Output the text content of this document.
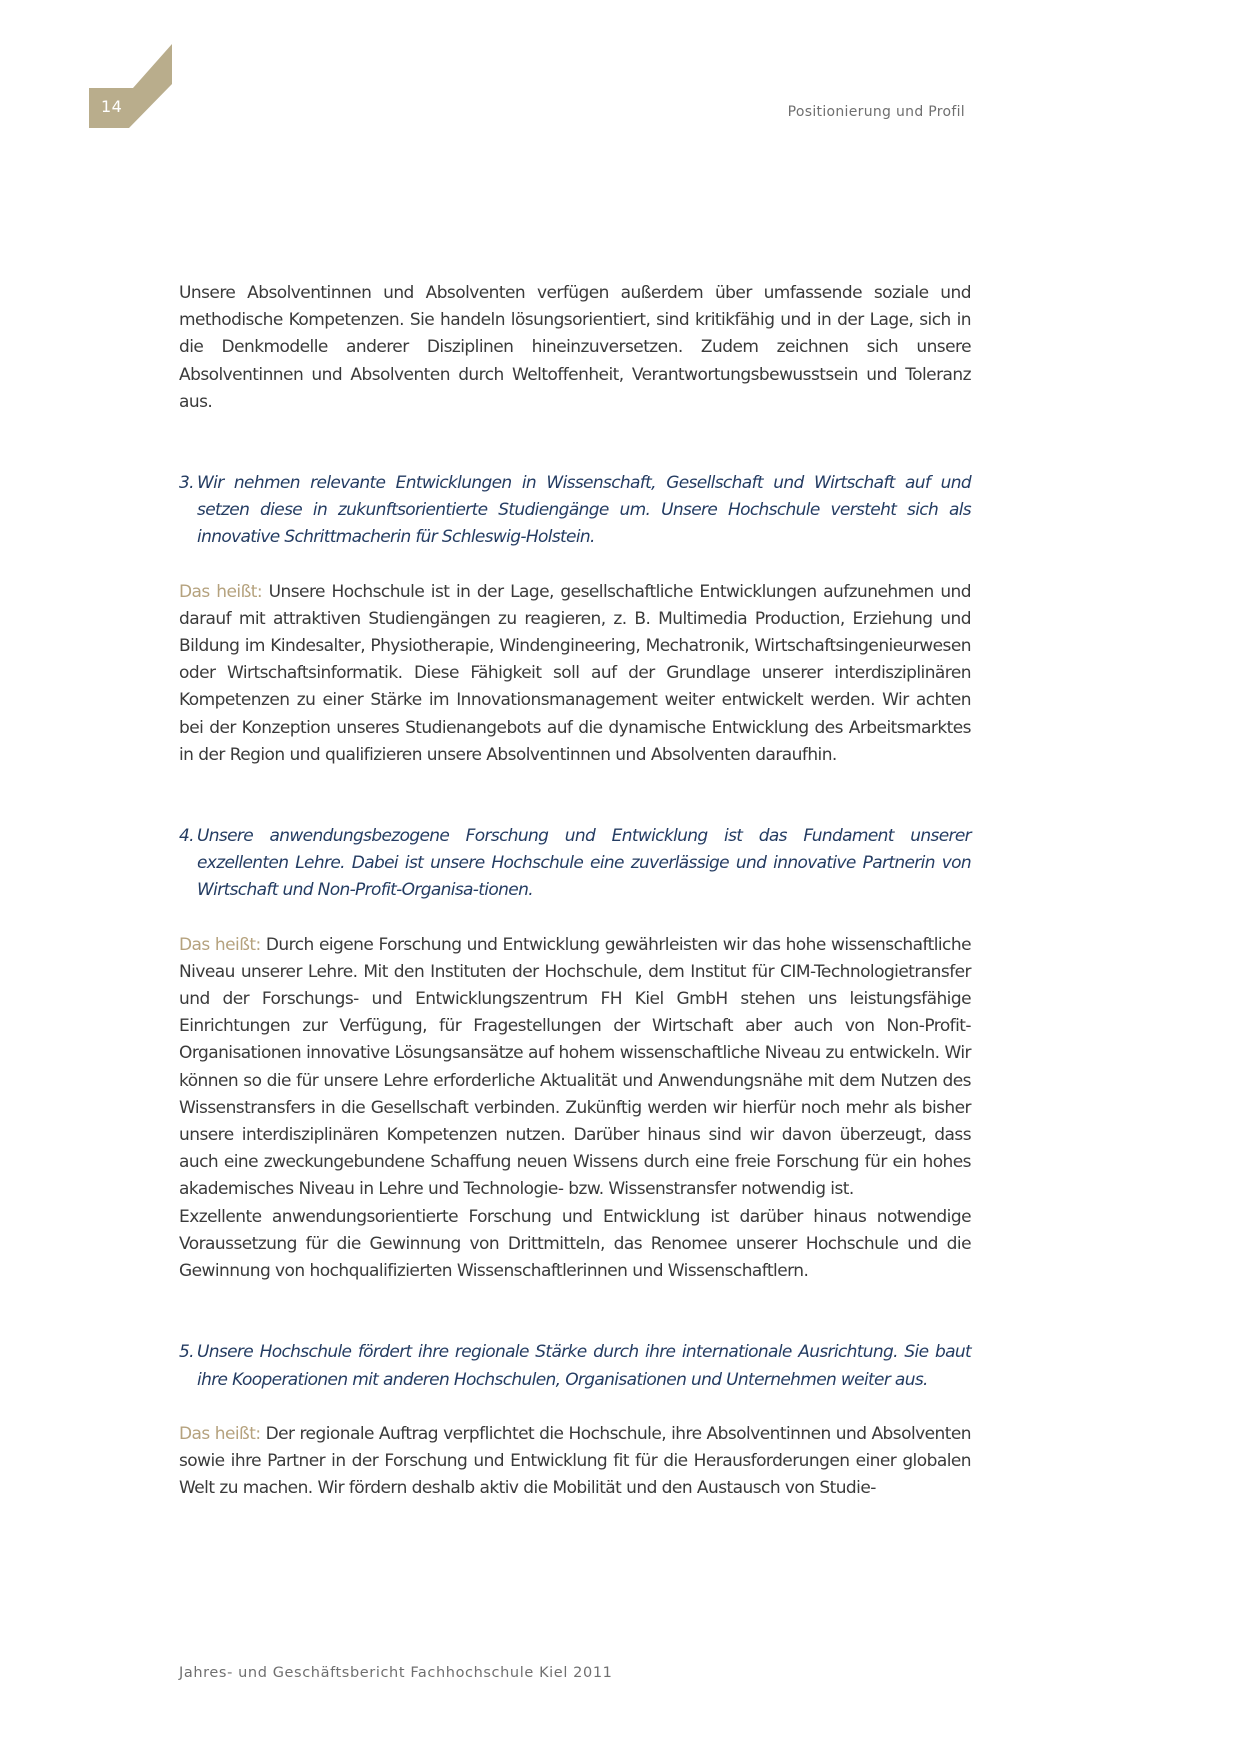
14	Positionierung und Profil

Unsere Absolventinnen und Absolventen verfügen außerdem über umfassende soziale und methodische Kompetenzen. Sie handeln lösungsorientiert, sind kritikfähig und in der Lage, sich in die Denkmodelle anderer Disziplinen hineinzuversetzen. Zudem zeichnen sich unsere Absolventinnen und Absolventen durch Weltoffenheit, Verantwortungsbewusstsein und Toleranz aus.

3. Wir nehmen relevante Entwicklungen in Wissenschaft, Gesellschaft und Wirtschaft auf und setzen diese in zukunftsorientierte Studiengänge um. Unsere Hochschule versteht sich als innovative Schrittmacherin für Schleswig-Holstein.

Das heißt: Unsere Hochschule ist in der Lage, gesellschaftliche Entwicklungen aufzunehmen und darauf mit attraktiven Studiengängen zu reagieren, z. B. Multimedia Production, Erziehung und Bildung im Kindesalter, Physiotherapie, Windengineering, Mechatronik, Wirtschaftsingenieurwesen oder Wirtschaftsinformatik. Diese Fähigkeit soll auf der Grundlage unserer interdisziplinären Kompetenzen zu einer Stärke im Innovationsmanagement weiter entwickelt werden. Wir achten bei der Konzeption unseres Studienangebots auf die dynamische Entwicklung des Arbeitsmarktes in der Region und qualifizieren unsere Absolventinnen und Absolventen daraufhin.

4. Unsere anwendungsbezogene Forschung und Entwicklung ist das Fundament unserer exzellenten Lehre. Dabei ist unsere Hochschule eine zuverlässige und innovative Partnerin von Wirtschaft und Non-Profit-Organisa-tionen.

Das heißt: Durch eigene Forschung und Entwicklung gewährleisten wir das hohe wissenschaftliche Niveau unserer Lehre. Mit den Instituten der Hochschule, dem Institut für CIM-Technologietransfer und der Forschungs- und Entwicklungszentrum FH Kiel GmbH stehen uns leistungsfähige Einrichtungen zur Verfügung, für Fragestellungen der Wirtschaft aber auch von Non-Profit-Organisationen innovative Lösungsansätze auf hohem wissenschaftliche Niveau zu entwickeln. Wir können so die für unsere Lehre erforderliche Aktualität und Anwendungsnähe mit dem Nutzen des Wissenstransfers in die Gesellschaft verbinden. Zukünftig werden wir hierfür noch mehr als bisher unsere interdisziplinären Kompetenzen nutzen. Darüber hinaus sind wir davon überzeugt, dass auch eine zweckungebundene Schaffung neuen Wissens durch eine freie Forschung für ein hohes akademisches Niveau in Lehre und Technologie- bzw. Wissenstransfer notwendig ist.

Exzellente anwendungsorientierte Forschung und Entwicklung ist darüber hinaus notwendige Voraussetzung für die Gewinnung von Drittmitteln, das Renomee unserer Hochschule und die Gewinnung von hochqualifizierten Wissenschaftlerinnen und Wissenschaftlern.

5. Unsere Hochschule fördert ihre regionale Stärke durch ihre internationale Ausrichtung. Sie baut ihre Kooperationen mit anderen Hochschulen, Organisationen und Unternehmen weiter aus.

Das heißt: Der regionale Auftrag verpflichtet die Hochschule, ihre Absolventinnen und Absolventen sowie ihre Partner in der Forschung und Entwicklung fit für die Herausforderungen einer globalen Welt zu machen. Wir fördern deshalb aktiv die Mobilität und den Austausch von Studie-

Jahres- und Geschäftsbericht Fachhochschule Kiel 2011
